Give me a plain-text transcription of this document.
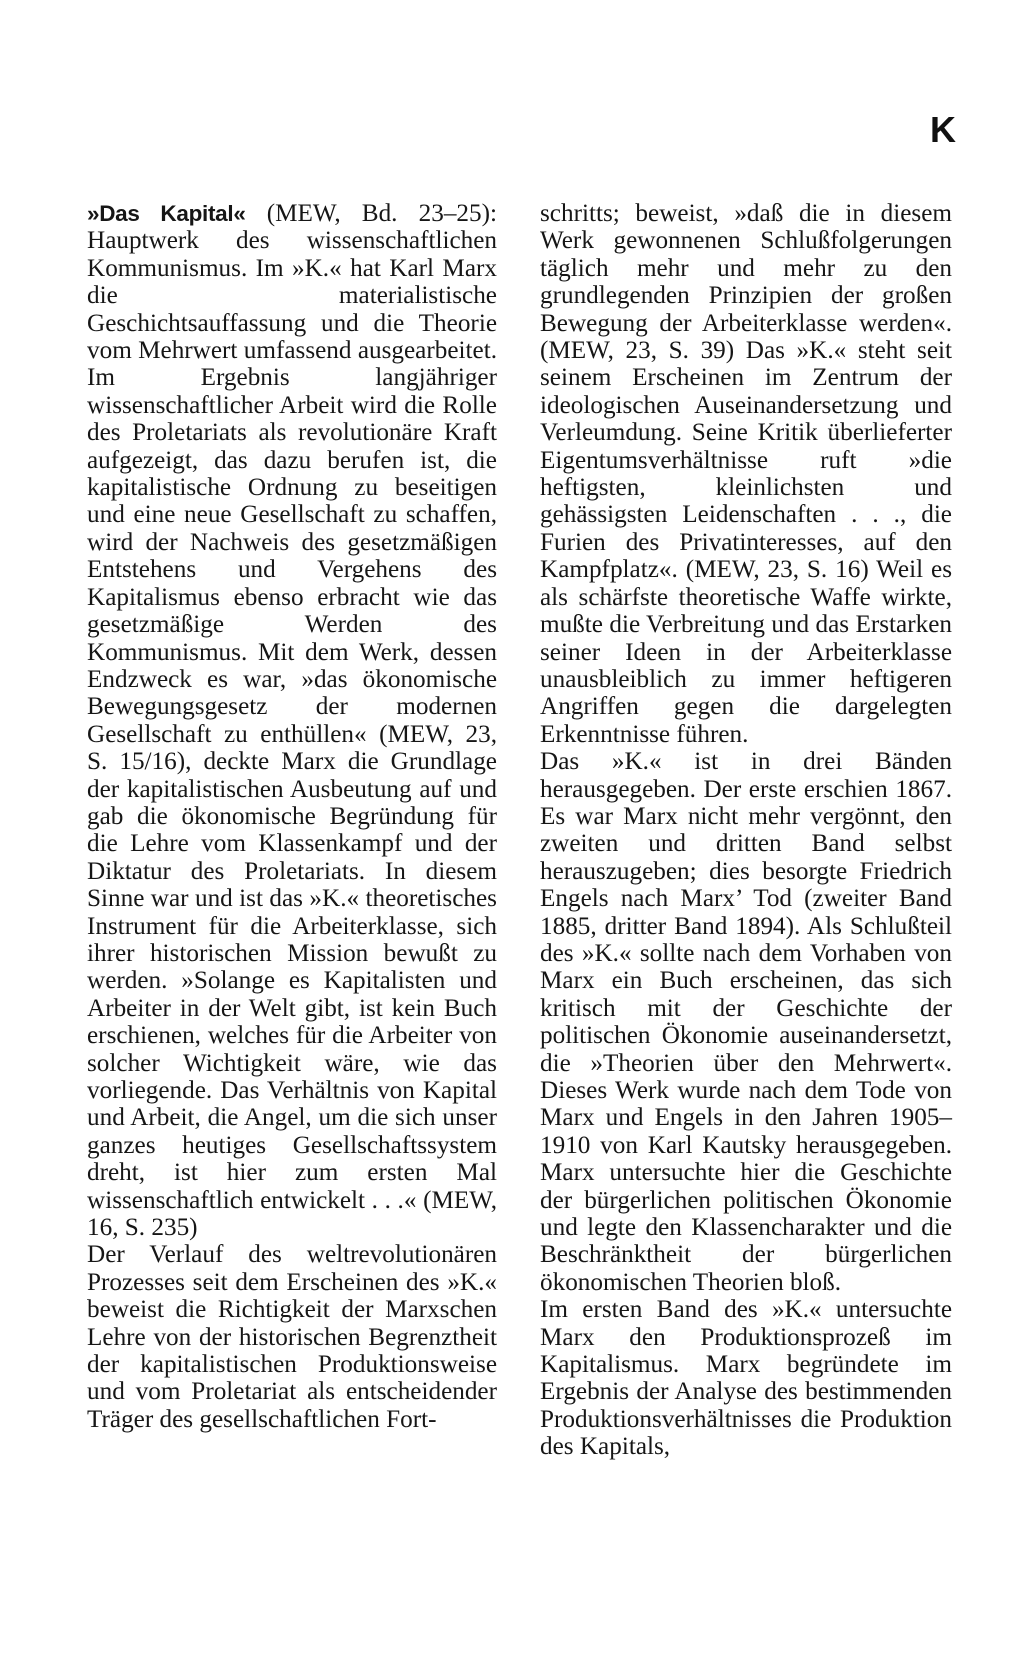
K

»Das Kapital« (MEW, Bd. 23–25): Hauptwerk des wissenschaftlichen Kommunismus. Im »K.« hat Karl Marx die materialistische Geschichtsauffassung und die Theorie vom Mehrwert umfassend ausgearbeitet. Im Ergebnis langjähriger wissenschaftlicher Arbeit wird die Rolle des Proletariats als revolutionäre Kraft aufgezeigt, das dazu berufen ist, die kapitalistische Ordnung zu beseitigen und eine neue Gesellschaft zu schaffen, wird der Nachweis des gesetzmäßigen Entstehens und Vergehens des Kapitalismus ebenso erbracht wie das gesetzmäßige Werden des Kommunismus. Mit dem Werk, dessen Endzweck es war, »das ökonomische Bewegungsgesetz der modernen Gesellschaft zu enthüllen« (MEW, 23, S. 15/16), deckte Marx die Grundlage der kapitalistischen Ausbeutung auf und gab die ökonomische Begründung für die Lehre vom Klassenkampf und der Diktatur des Proletariats. In diesem Sinne war und ist das »K.« theoretisches Instrument für die Arbeiterklasse, sich ihrer historischen Mission bewußt zu werden. »Solange es Kapitalisten und Arbeiter in der Welt gibt, ist kein Buch erschienen, welches für die Arbeiter von solcher Wichtigkeit wäre, wie das vorliegende. Das Verhältnis von Kapital und Arbeit, die Angel, um die sich unser ganzes heutiges Gesellschaftssystem dreht, ist hier zum ersten Mal wissenschaftlich entwickelt . . .« (MEW, 16, S. 235)

Der Verlauf des weltrevolutionären Prozesses seit dem Erscheinen des »K.« beweist die Richtigkeit der Marxschen Lehre von der historischen Begrenztheit der kapitalistischen Produktionsweise und vom Proletariat als entscheidender Träger des gesellschaftlichen Fort-

schritts; beweist, »daß die in diesem Werk gewonnenen Schlußfolgerungen täglich mehr und mehr zu den grundlegenden Prinzipien der großen Bewegung der Arbeiterklasse werden«. (MEW, 23, S. 39) Das »K.« steht seit seinem Erscheinen im Zentrum der ideologischen Auseinandersetzung und Verleumdung. Seine Kritik überlieferter Eigentumsverhältnisse ruft »die heftigsten, kleinlichsten und gehässigsten Leidenschaften . . ., die Furien des Privatinteresses, auf den Kampfplatz«. (MEW, 23, S. 16) Weil es als schärfste theoretische Waffe wirkte, mußte die Verbreitung und das Erstarken seiner Ideen in der Arbeiterklasse unausbleiblich zu immer heftigeren Angriffen gegen die dargelegten Erkenntnisse führen.

Das »K.« ist in drei Bänden herausgegeben. Der erste erschien 1867. Es war Marx nicht mehr vergönnt, den zweiten und dritten Band selbst herauszugeben; dies besorgte Friedrich Engels nach Marx’ Tod (zweiter Band 1885, dritter Band 1894). Als Schlußteil des »K.« sollte nach dem Vorhaben von Marx ein Buch erscheinen, das sich kritisch mit der Geschichte der politischen Ökonomie auseinandersetzt, die »Theorien über den Mehrwert«. Dieses Werk wurde nach dem Tode von Marx und Engels in den Jahren 1905–1910 von Karl Kautsky herausgegeben. Marx untersuchte hier die Geschichte der bürgerlichen politischen Ökonomie und legte den Klassencharakter und die Beschränktheit der bürgerlichen ökonomischen Theorien bloß.

Im ersten Band des »K.« untersuchte Marx den Produktionsprozeß im Kapitalismus. Marx begründete im Ergebnis der Analyse des bestimmenden Produktionsverhältnisses die Produktion des Kapitals,
